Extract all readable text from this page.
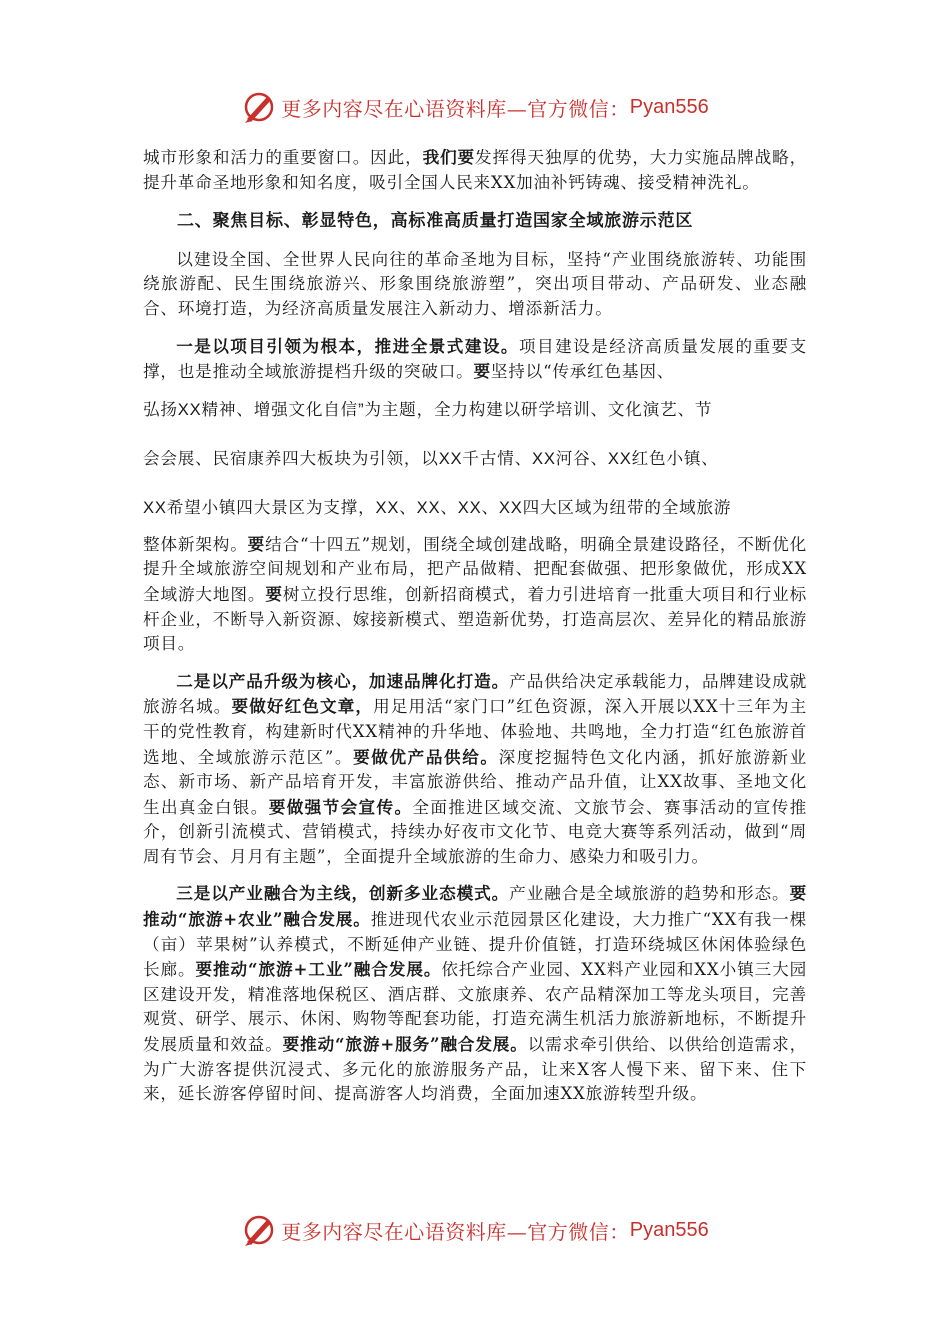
更多内容尽在心语资料库—官方微信： Pyan556

城市形象和活力的重要窗口。因此，我们要发挥得天独厚的优势，大力实施品牌战略，提升革命圣地形象和知名度，吸引全国人民来XX加油补钙铸魂、接受精神洗礼。

二、聚焦目标、彰显特色，高标准高质量打造国家全域旅游示范区

以建设全国、全世界人民向往的革命圣地为目标，坚持“产业围绕旅游转、功能围绕旅游配、民生围绕旅游兴、形象围绕旅游塑”，突出项目带动、产品研发、业态融合、环境打造，为经济高质量发展注入新动力、增添新活力。

一是以项目引领为根本，推进全景式建设。项目建设是经济高质量发展的重要支撑，也是推动全域旅游提档升级的突破口。要坚持以“传承红色基因、

弘扬XX精神、增强文化自信”为主题，全力构建以研学培训、文化演艺、节

会会展、民宿康养四大板块为引领，以XX千古情、XX河谷、XX红色小镇、

XX希望小镇四大景区为支撑，XX、XX、XX、XX四大区域为纽带的全域旅游

整体新架构。要结合“十四五”规划，围绕全域创建战略，明确全景建设路径，不断优化提升全域旅游空间规划和产业布局，把产品做精、把配套做强、把形象做优，形成XX全域游大地图。要树立投行思维，创新招商模式，着力引进培育一批重大项目和行业标杆企业，不断导入新资源、嫁接新模式、塑造新优势，打造高层次、差异化的精品旅游项目。

二是以产品升级为核心，加速品牌化打造。产品供给决定承载能力，品牌建设成就旅游名城。要做好红色文章，用足用活“家门口”红色资源，深入开展以XX十三年为主干的党性教育，构建新时代XX精神的升华地、体验地、共鸣地，全力打造“红色旅游首选地、全域旅游示范区”。要做优产品供给。深度挖掘特色文化内涵，抓好旅游新业态、新市场、新产品培育开发，丰富旅游供给、推动产品升值，让XX故事、圣地文化生出真金白银。要做强节会宣传。全面推进区域交流、文旅节会、赛事活动的宣传推介，创新引流模式、营销模式，持续办好夜市文化节、电竞大赛等系列活动，做到“周周有节会、月月有主题”，全面提升全域旅游的生命力、感染力和吸引力。

三是以产业融合为主线，创新多业态模式。产业融合是全域旅游的趋势和形态。要推动“旅游+农业”融合发展。推进现代农业示范园景区化建设，大力推广“XX有我一棵（亩）苹果树”认养模式，不断延伸产业链、提升价值链，打造环绕城区休闲体验绿色长廊。要推动“旅游+工业”融合发展。依托综合产业园、XX料产业园和XX小镇三大园区建设开发，精准落地保税区、酒店群、文旅康养、农产品精深加工等龙头项目，完善观赏、研学、展示、休闲、购物等配套功能，打造充满生机活力旅游新地标，不断提升发展质量和效益。要推动“旅游+服务”融合发展。以需求牵引供给、以供给创造需求，为广大游客提供沉浸式、多元化的旅游服务产品，让来X客人慢下来、留下来、住下来，延长游客停留时间、提高游客人均消费，全面加速XX旅游转型升级。

更多内容尽在心语资料库—官方微信： Pyan556
